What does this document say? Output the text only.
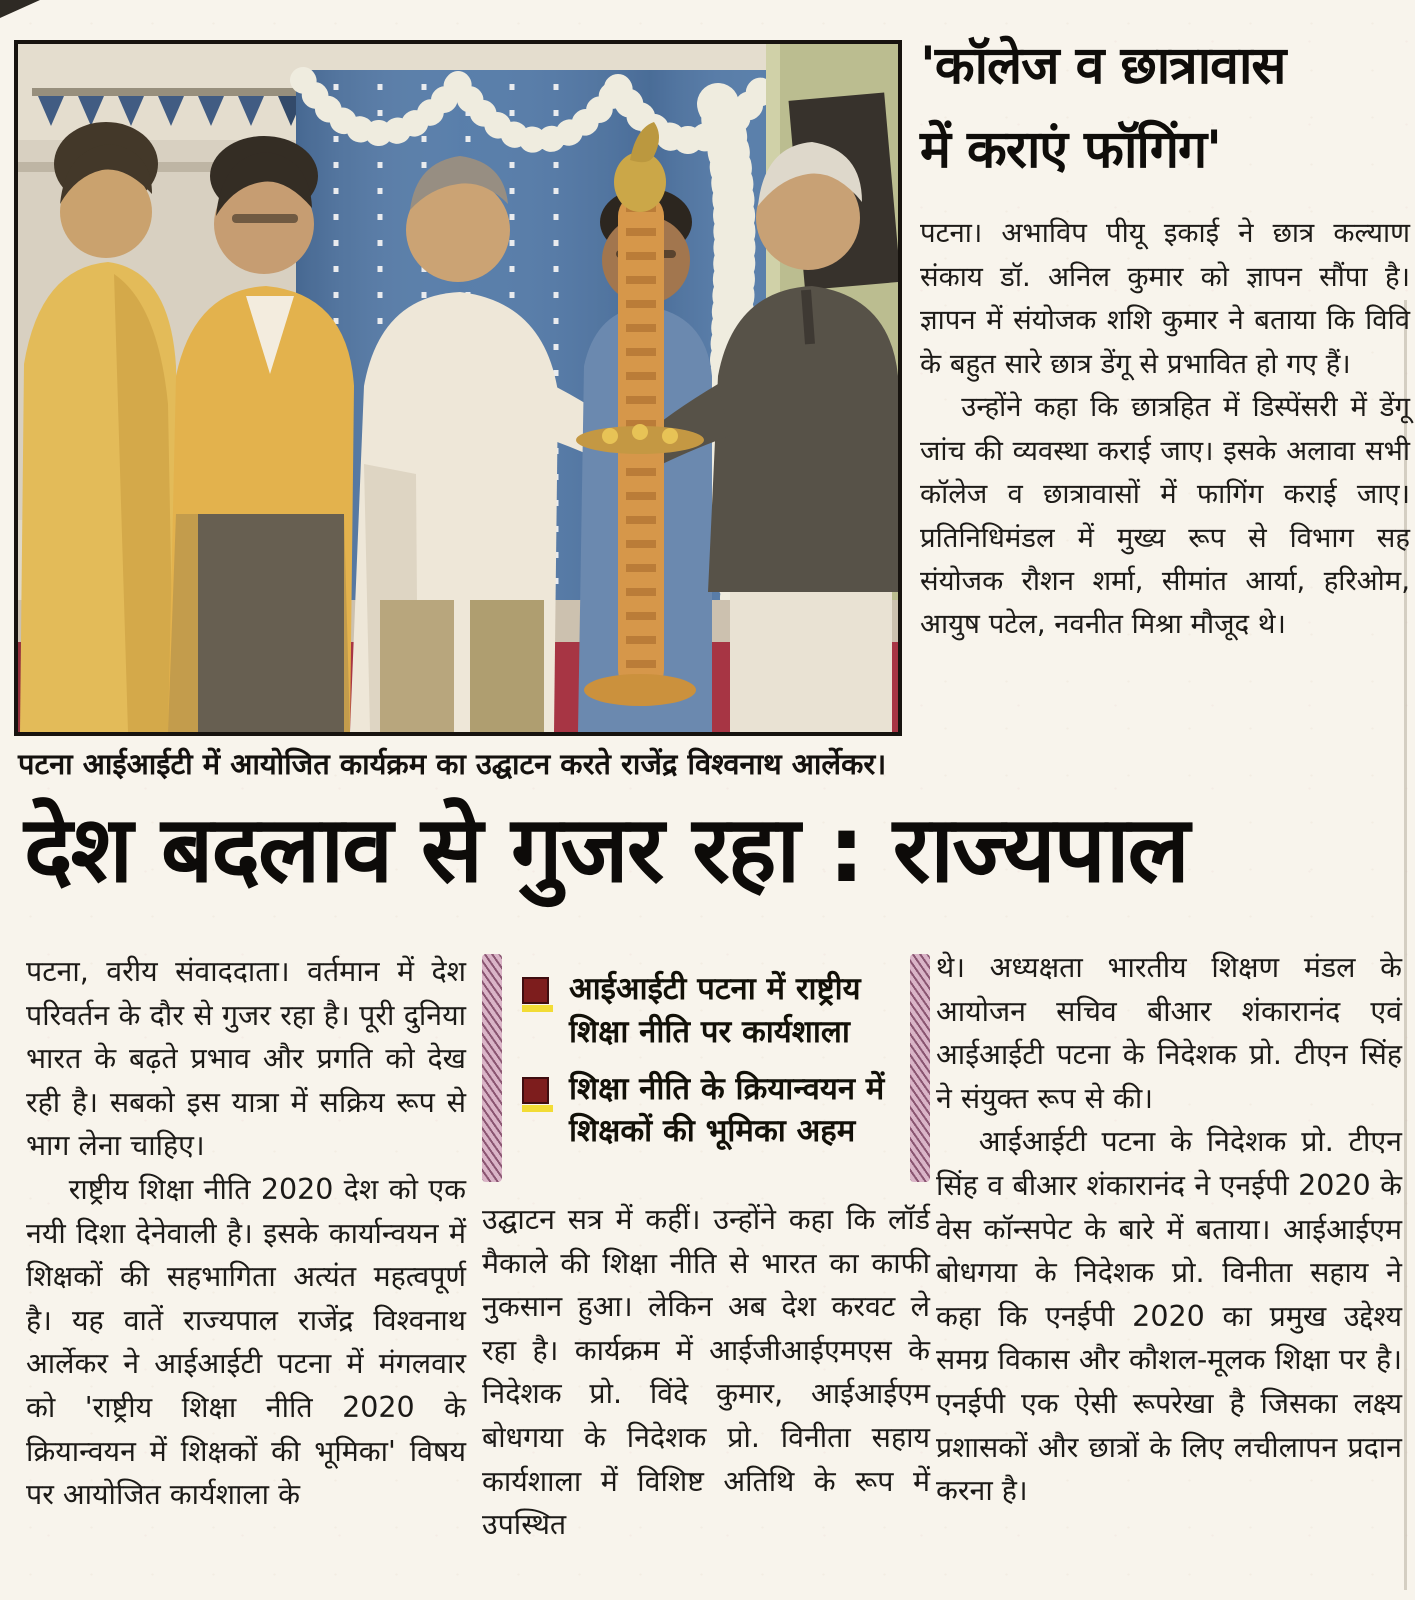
पटना आईआईटी में आयोजित कार्यक्रम का उद्घाटन करते राजेंद्र विश्वनाथ आर्लेकर।
'कॉलेज व छात्रावास
में कराएं फॉगिंग'

पटना। अभाविप पीयू इकाई ने छात्र कल्याण संकाय डॉ. अनिल कुमार को ज्ञापन सौंपा है। ज्ञापन में संयोजक शशि कुमार ने बताया कि विवि के बहुत सारे छात्र डेंगू से प्रभावित हो गए हैं।

उन्होंने कहा कि छात्रहित में डिस्पेंसरी में डेंगू जांच की व्यवस्था कराई जाए। इसके अलावा सभी कॉलेज व छात्रावासों में फागिंग कराई जाए। प्रतिनिधिमंडल में मुख्य रूप से विभाग सह संयोजक रौशन शर्मा, सीमांत आर्या, हरिओम, आयुष पटेल, नवनीत मिश्रा मौजूद थे।

देश बदलाव से गुजर रहा : राज्यपाल

पटना, वरीय संवाददाता। वर्तमान में देश परिवर्तन के दौर से गुजर रहा है। पूरी दुनिया भारत के बढ़ते प्रभाव और प्रगति को देख रही है। सबको इस यात्रा में सक्रिय रूप से भाग लेना चाहिए।

राष्ट्रीय शिक्षा नीति 2020 देश को एक नयी दिशा देनेवाली है। इसके कार्यान्वयन में शिक्षकों की सहभागिता अत्यंत महत्वपूर्ण है। यह वातें राज्यपाल राजेंद्र विश्वनाथ आर्लेकर ने आईआईटी पटना में मंगलवार को 'राष्ट्रीय शिक्षा नीति 2020 के क्रियान्वयन में शिक्षकों की भूमिका' विषय पर आयोजित कार्यशाला के

आईआईटी पटना में राष्ट्रीय शिक्षा नीति पर कार्यशाला
शिक्षा नीति के क्रियान्वयन में शिक्षकों की भूमिका अहम

उद्घाटन सत्र में कहीं। उन्होंने कहा कि लॉर्ड मैकाले की शिक्षा नीति से भारत का काफी नुकसान हुआ। लेकिन अब देश करवट ले रहा है। कार्यक्रम में आईजीआईएमएस के निदेशक प्रो. विंदे कुमार, आईआईएम बोधगया के निदेशक प्रो. विनीता सहाय कार्यशाला में विशिष्ट अतिथि के रूप में उपस्थित

थे। अध्यक्षता भारतीय शिक्षण मंडल के आयोजन सचिव बीआर शंकारानंद एवं आईआईटी पटना के निदेशक प्रो. टीएन सिंह ने संयुक्त रूप से की।

आईआईटी पटना के निदेशक प्रो. टीएन सिंह व बीआर शंकारानंद ने एनईपी 2020 के वेस कॉन्सपेट के बारे में बताया। आईआईएम बोधगया के निदेशक प्रो. विनीता सहाय ने कहा कि एनईपी 2020 का प्रमुख उद्देश्य समग्र विकास और कौशल-मूलक शिक्षा पर है। एनईपी एक ऐसी रूपरेखा है जिसका लक्ष्य प्रशासकों और छात्रों के लिए लचीलापन प्रदान करना है।
